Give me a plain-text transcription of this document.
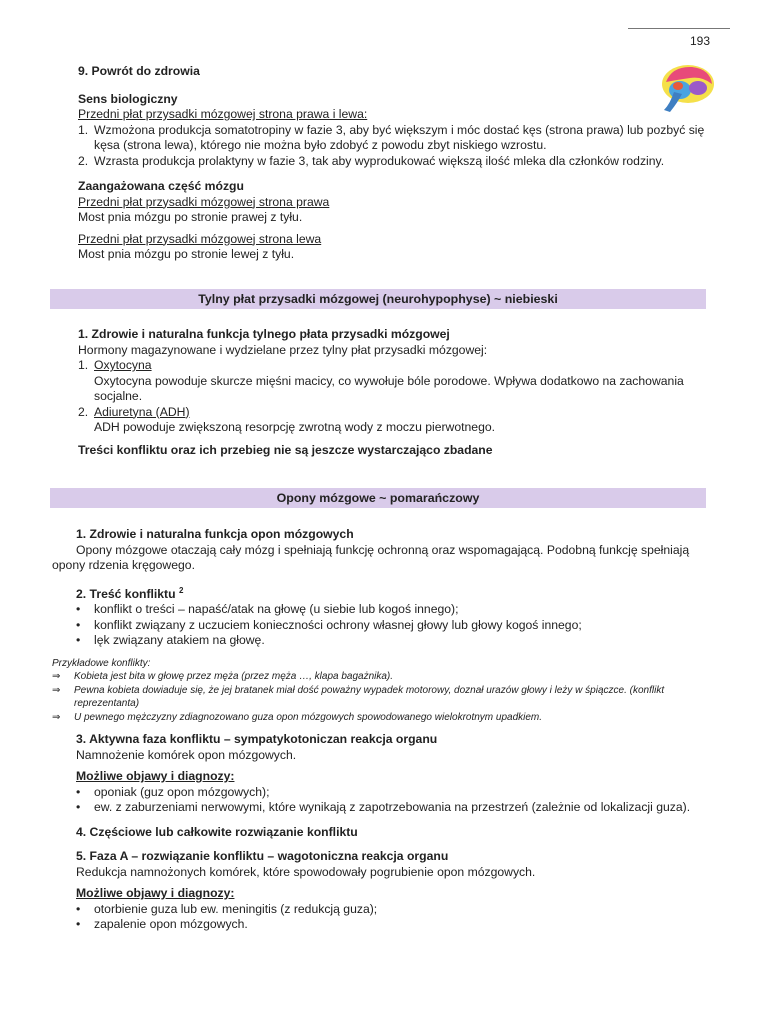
193
9. Powrót do zdrowia
Sens biologiczny
Przedni płat przysadki mózgowej strona prawa i lewa:
1. Wzmożona produkcja somatotropiny w fazie 3, aby być większym i móc dostać kęs (strona prawa) lub pozbyć się kęsa (strona lewa), którego nie można było zdobyć z powodu zbyt niskiego wzrostu.
2. Wzrasta produkcja prolaktyny w fazie 3, tak aby wyprodukować większą ilość mleka dla członków rodziny.
Zaangażowana część mózgu
Przedni płat przysadki mózgowej strona prawa
Most pnia mózgu po stronie prawej z tyłu.
Przedni płat przysadki mózgowej strona lewa
Most pnia mózgu po stronie lewej z tyłu.
Tylny płat przysadki mózgowej (neurohypophyse) ~ niebieski
1. Zdrowie i naturalna funkcja tylnego płata przysadki mózgowej
Hormony magazynowane i wydzielane przez tylny płat przysadki mózgowej:
1. Oxytocyna
Oxytocyna powoduje skurcze mięśni macicy, co wywołuje bóle porodowe. Wpływa dodatkowo na zachowania socjalne.
2. Adiuretyna (ADH)
ADH powoduje zwiększoną resorpcję zwrotną wody z moczu pierwotnego.
Treści konfliktu oraz ich przebieg nie są jeszcze wystarczająco zbadane
Opony mózgowe ~ pomarańczowy
1. Zdrowie i naturalna funkcja opon mózgowych
Opony mózgowe otaczają cały mózg i spełniają funkcję ochronną oraz wspomagającą. Podobną funkcję spełniają opony rdzenia kręgowego.
2. Treść konfliktu $^2$
•	konflikt o treści – napaść/atak na głowę (u siebie lub kogoś innego);
•	konflikt związany z uczuciem konieczności ochrony własnej głowy lub głowy kogoś innego;
•	lęk związany atakiem na głowę.
Przykładowe konflikty:
⇒	Kobieta jest bita w głowę przez męża (przez męża …, klapa bagażnika).
⇒	Pewna kobieta dowiaduje się, że jej bratanek miał dość poważny wypadek motorowy, doznał urazów głowy i leży w śpiączce. (konflikt reprezentanta)
⇒	U pewnego mężczyzny zdiagnozowano guza opon mózgowych spowodowanego wielokrotnym upadkiem.
3. Aktywna faza konfliktu – sympatykotoniczan reakcja organu
Namnożenie komórek opon mózgowych.
Możliwe objawy i diagnozy:
•	oponiak (guz opon mózgowych);
•	ew. z zaburzeniami nerwowymi, które wynikają z zapotrzebowania na przestrzeń (zależnie od lokalizacji guza).
4. Częściowe lub całkowite rozwiązanie konfliktu
5. Faza A – rozwiązanie konfliktu – wagotoniczna reakcja organu
Redukcja namnożonych komórek, które spowodowały pogrubienie opon mózgowych.
Możliwe objawy i diagnozy:
•	otorbienie guza lub ew. meningitis (z redukcją guza);
•	zapalenie opon mózgowych.
